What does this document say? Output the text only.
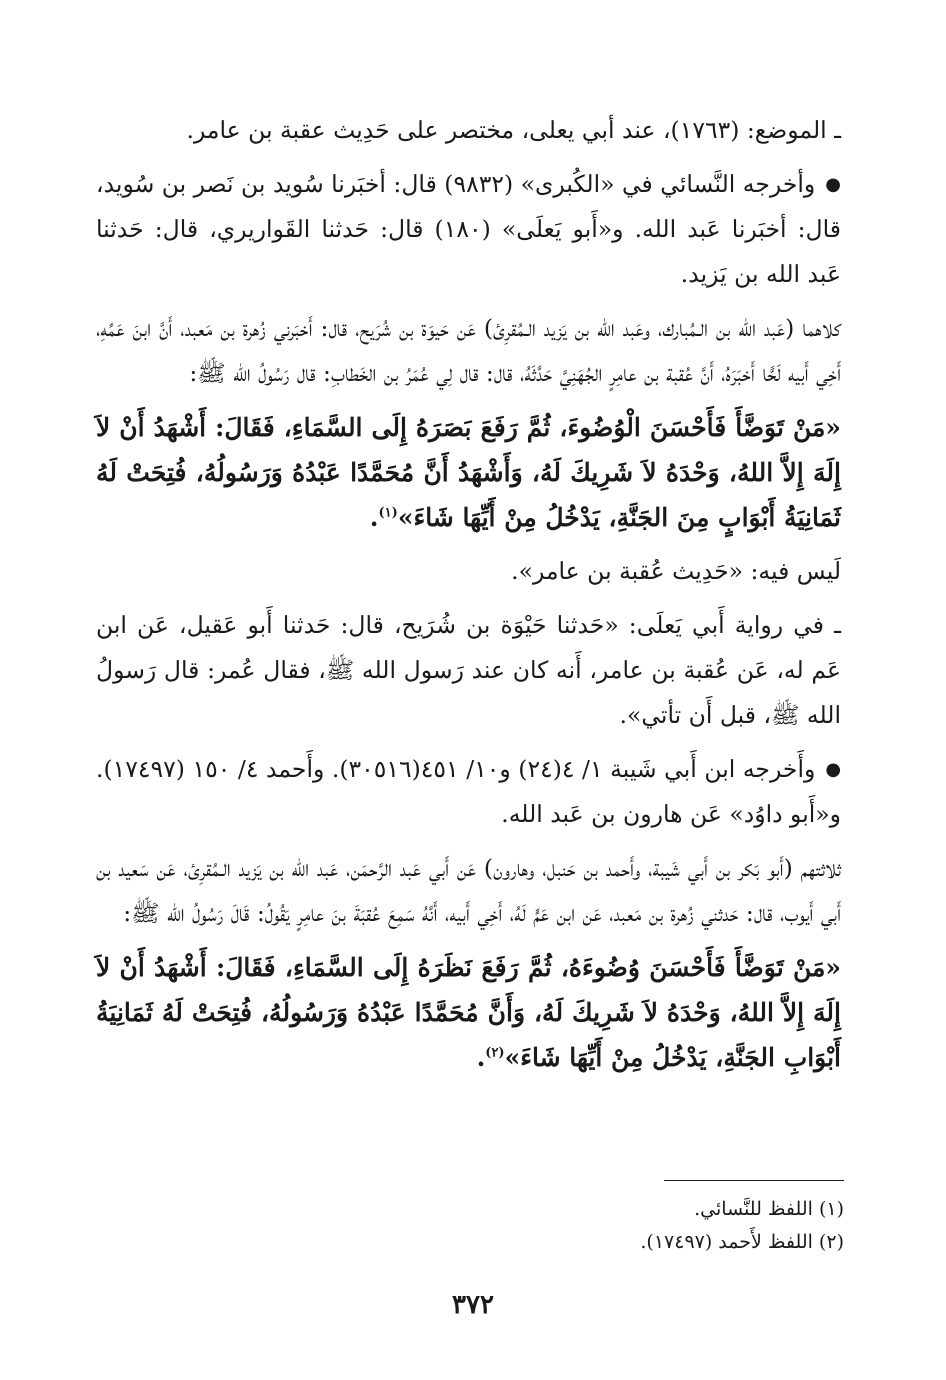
ـ الموضع: (١٧٦٣)، عند أبي يعلى، مختصر على حَدِيث عقبة بن عامر.

●وأخرجه النَّسائي في «الكُبرى» (٩٨٣٢) قال: أخبَرنا سُويد بن نَصر بن سُويد، قال: أخبَرنا عَبد الله. و«أَبو يَعلَى» (١٨٠) قال: حَدثنا القَواريري، قال: حَدثنا عَبد الله بن يَزيد.

كلاهما (عَبد الله بن الـمُبارك، وعَبد الله بن يَزيد الـمُقرِئ) عَن حَيوَة بن شُرَيح، قال: أَخبَرني زُهرة بن مَعبد، أَنَّ ابنَ عَمِّهِ، أَخِي أَبيه لَحًّا أَخبَرَهُ، أَنَّ عُقبة بن عامِرٍ الجُهَنِيَّ حَدَّثَهُ، قال: قال لِي عُمَرُ بن الخَطابِ: قال رَسُولُ الله ﷺ:

«مَنْ تَوَضَّأَ فَأَحْسَنَ الْوُضُوءَ، ثُمَّ رَفَعَ بَصَرَهُ إِلَى السَّمَاءِ، فَقَالَ: أَشْهَدُ أَنْ لاَ إِلَهَ إِلاَّ اللهُ، وَحْدَهُ لاَ شَرِيكَ لَهُ، وَأَشْهَدُ أَنَّ مُحَمَّدًا عَبْدُهُ وَرَسُولُهُ، فُتِحَتْ لَهُ ثَمَانِيَةُ أَبْوَابٍ مِنَ الجَنَّةِ، يَدْخُلُ مِنْ أَيِّهَا شَاءَ»$^{(١)}$.

لَيس فيه: «حَدِيث عُقبة بن عامر».

ـ في رواية أَبي يَعلَى: «حَدثنا حَيْوَة بن شُرَيح، قال: حَدثنا أَبو عَقيل، عَن ابن عَم له، عَن عُقبة بن عامر، أَنه كان عند رَسول الله ﷺ، فقال عُمر: قال رَسولُ الله ﷺ، قبل أَن تأتي».

●وأَخرجه ابن أَبي شَيبة ١/ ٤(٢٤) و١٠/ ٤٥١(٣٠٥١٦). وأَحمد ٤/ ١٥٠ (١٧٤٩٧). و«أَبو داوُد» عَن هارون بن عَبد الله.

ثلاثتهم (أَبو بَكر بن أَبي شَيبة، وأَحمد بن حَنبل، وهارون) عَن أَبي عَبد الرَّحمَن، عَبد الله بن يَزيد الـمُقرِئ، عَن سَعيد بن أَبي أَيوب، قال: حَدثني زُهرة بن مَعبد، عَن ابن عَمٍّ لَهُ، أَخِي أَبيه، أَنَّهُ سَمِعَ عُقبَةَ بنَ عامِرٍ يَقُولُ: قَالَ رَسُولُ الله ﷺ:

«مَنْ تَوَضَّأَ فَأَحْسَنَ وُضُوءَهُ، ثُمَّ رَفَعَ نَظَرَهُ إِلَى السَّمَاءِ، فَقَالَ: أَشْهَدُ أَنْ لاَ إِلَهَ إِلاَّ اللهُ، وَحْدَهُ لاَ شَرِيكَ لَهُ، وَأَنَّ مُحَمَّدًا عَبْدُهُ وَرَسُولُهُ، فُتِحَتْ لَهُ ثَمَانِيَةُ أَبْوَابِ الجَنَّةِ، يَدْخُلُ مِنْ أَيِّهَا شَاءَ»$^{(٢)}$.

(١) اللفظ للنَّسائي.
(٢) اللفظ لأَحمد (١٧٤٩٧).
٣٧٢
